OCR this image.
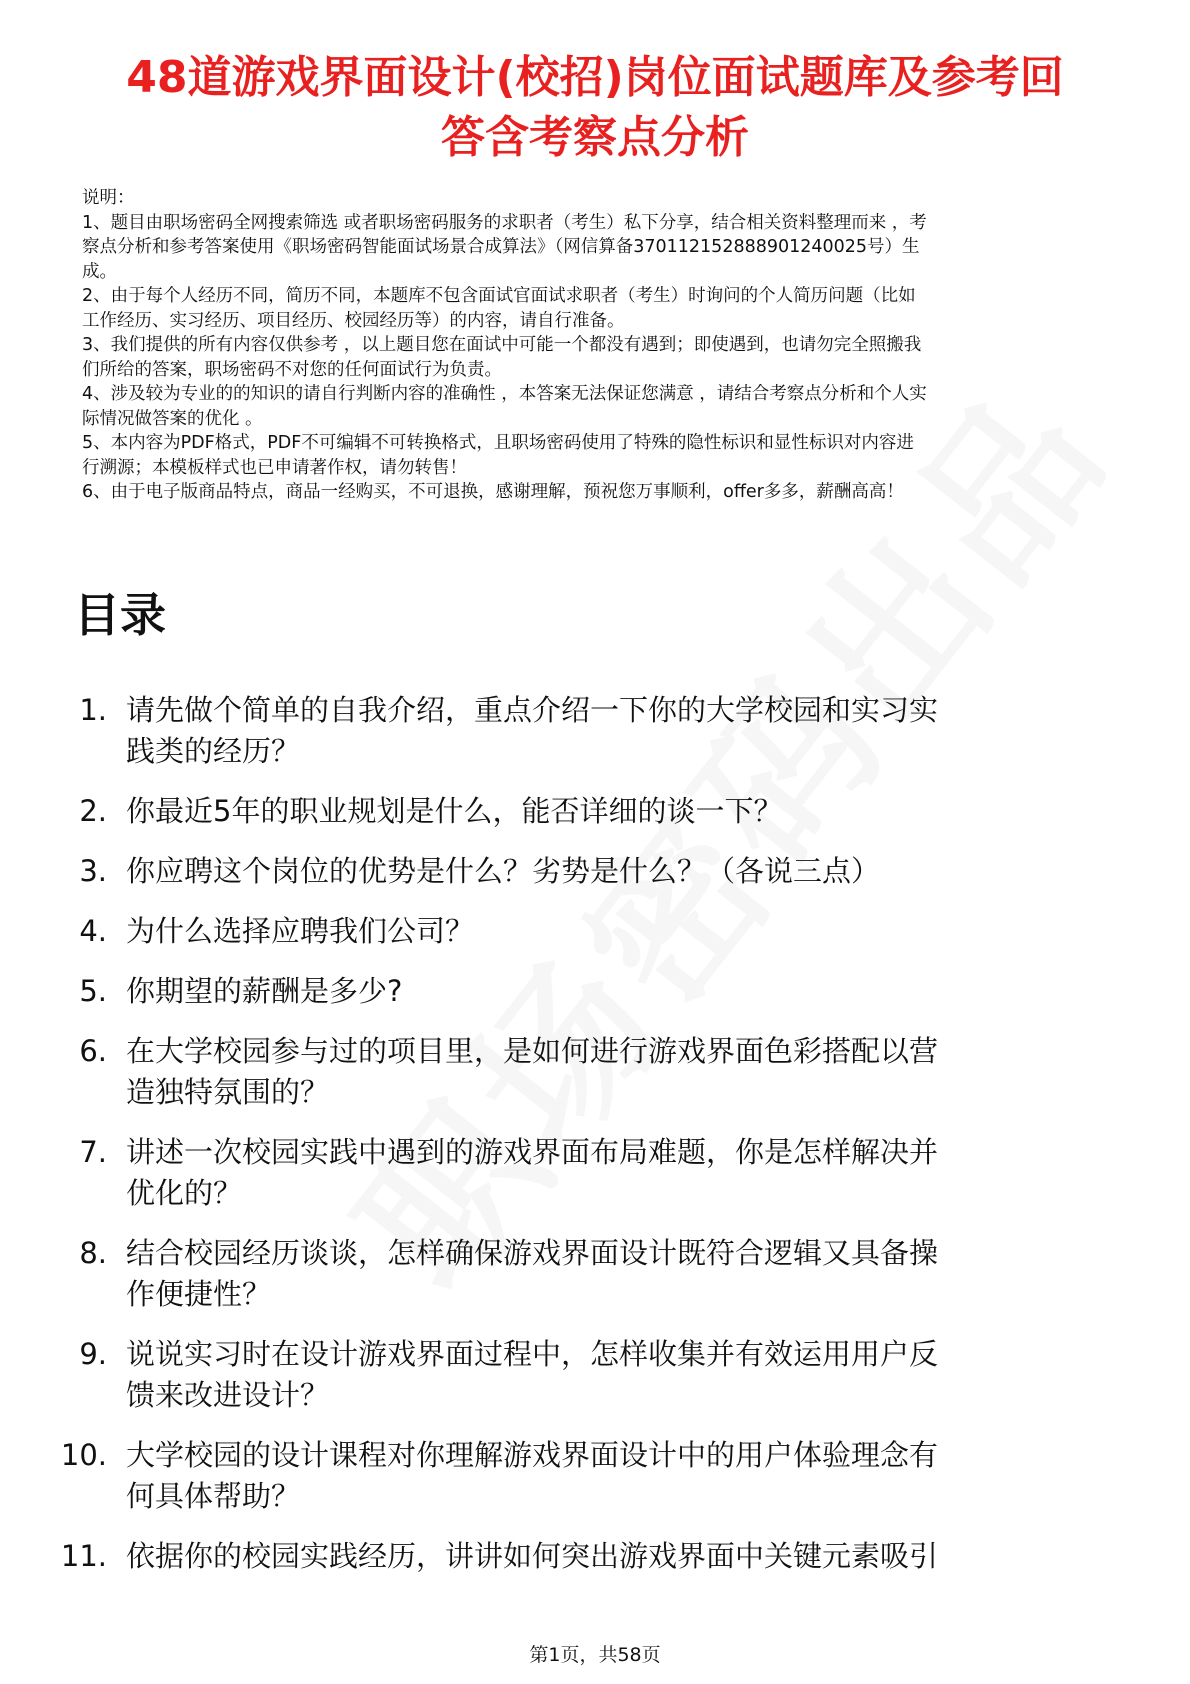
48道游戏界面设计(校招)岗位面试题库及参考回
答含考察点分析
说明：
1、题目由职场密码全网搜索筛选 或者职场密码服务的求职者（考生）私下分享，结合相关资料整理而来 ，考
察点分析和参考答案使用《职场密码智能面试场景合成算法》（网信算备370112152888901240025号）生
成。
2、由于每个人经历不同，简历不同，本题库不包含面试官面试求职者（考生）时询问的个人简历问题（比如
工作经历、实习经历、项目经历、校园经历等）的内容，请自行准备。
3、我们提供的所有内容仅供参考 ，以上题目您在面试中可能一个都没有遇到；即使遇到，也请勿完全照搬我
们所给的答案，职场密码不对您的任何面试行为负责。
4、涉及较为专业的的知识的请自行判断内容的准确性 ，本答案无法保证您满意 ，请结合考察点分析和个人实
际情况做答案的优化 。
5、本内容为PDF格式，PDF不可编辑不可转换格式，且职场密码使用了特殊的隐性标识和显性标识对内容进
行溯源；本模板样式也已申请著作权，请勿转售！
6、由于电子版商品特点，商品一经购买，不可退换，感谢理解，预祝您万事顺利，offer多多，薪酬高高！
目录
1. 请先做个简单的自我介绍，重点介绍一下你的大学校园和实习实
践类的经历？
2. 你最近5年的职业规划是什么，能否详细的谈一下？
3. 你应聘这个岗位的优势是什么？劣势是什么？（各说三点）
4. 为什么选择应聘我们公司？
5. 你期望的薪酬是多少?
6. 在大学校园参与过的项目里，是如何进行游戏界面色彩搭配以营
造独特氛围的？
7. 讲述一次校园实践中遇到的游戏界面布局难题，你是怎样解决并
优化的？
8. 结合校园经历谈谈，怎样确保游戏界面设计既符合逻辑又具备操
作便捷性？
9. 说说实习时在设计游戏界面过程中，怎样收集并有效运用用户反
馈来改进设计？
10. 大学校园的设计课程对你理解游戏界面设计中的用户体验理念有
何具体帮助？
11. 依据你的校园实践经历，讲讲如何突出游戏界面中关键元素吸引
第1页，共58页
